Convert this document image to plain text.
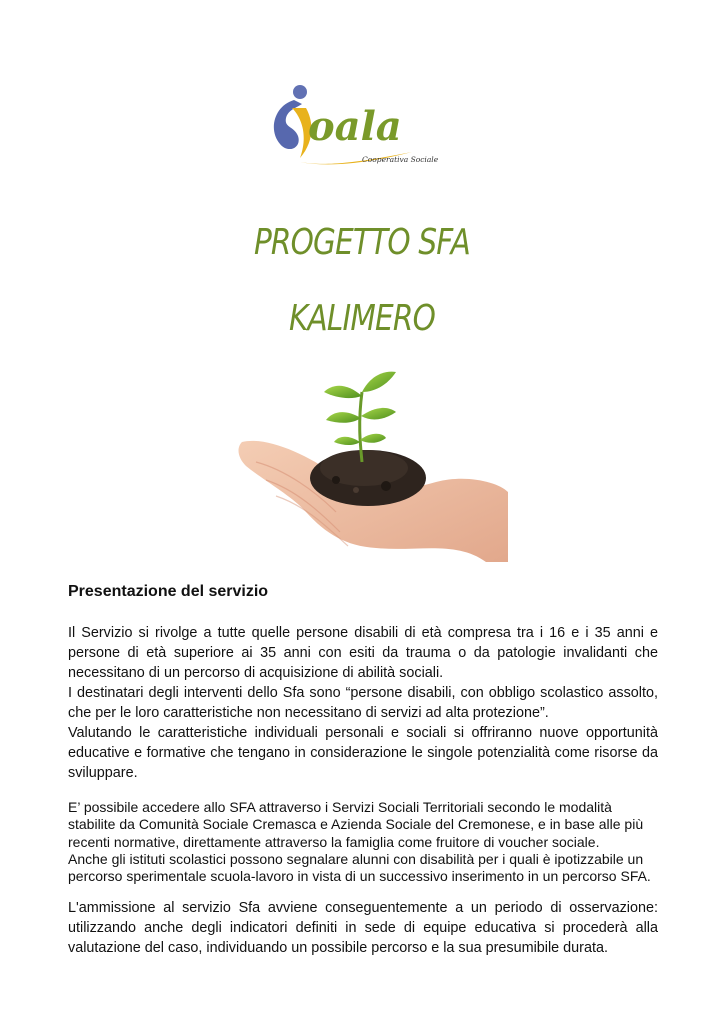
oala
Cooperativa Sociale
PROGETTO SFA
KALIMERO
Presentazione del servizio
Il Servizio si rivolge a tutte quelle persone disabili di età compresa tra i 16 e i 35 anni e persone di età superiore ai 35 anni con esiti da trauma o da patologie invalidanti che necessitano di un percorso di acquisizione di abilità sociali.
I destinatari degli interventi dello Sfa sono “persone disabili, con obbligo scolastico assolto, che per le loro caratteristiche non necessitano di servizi ad alta protezione”.
Valutando le caratteristiche individuali personali e sociali si offriranno nuove opportunità educative e formative che tengano in considerazione le singole potenzialità come risorse da sviluppare.
E’ possibile accedere allo SFA attraverso i Servizi Sociali Territoriali secondo le modalità stabilite da Comunità Sociale Cremasca e Azienda Sociale del Cremonese, e in base alle più recenti normative, direttamente attraverso la famiglia come fruitore di voucher sociale.
Anche gli istituti scolastici possono segnalare alunni con disabilità per i quali è ipotizzabile un percorso sperimentale scuola-lavoro in vista di un successivo inserimento in un percorso SFA.
L'ammissione al servizio Sfa avviene conseguentemente a un periodo di osservazione: utilizzando anche degli indicatori definiti in sede di equipe educativa si procederà alla valutazione del caso, individuando un possibile percorso e la sua presumibile durata.
